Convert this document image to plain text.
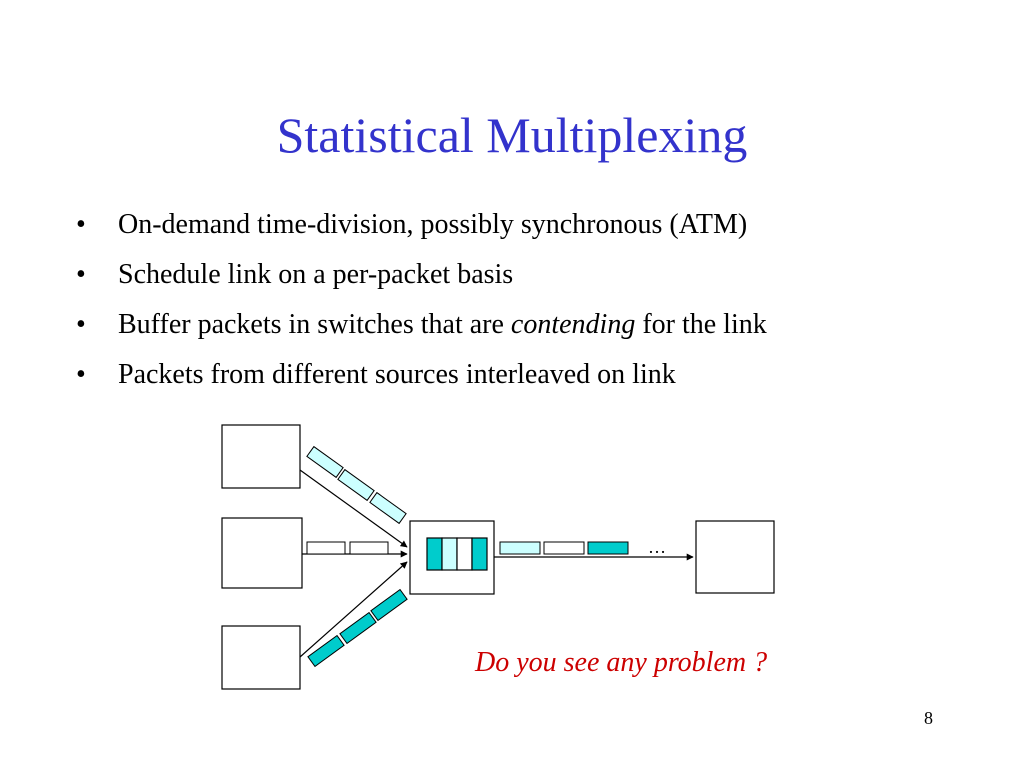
Statistical Multiplexing
• On-demand time-division, possibly synchronous (ATM)
• Schedule link on a per-packet basis
• Buffer packets in switches that are contending for the link
• Packets from different sources interleaved on link
…
Do you see any problem ?
8
